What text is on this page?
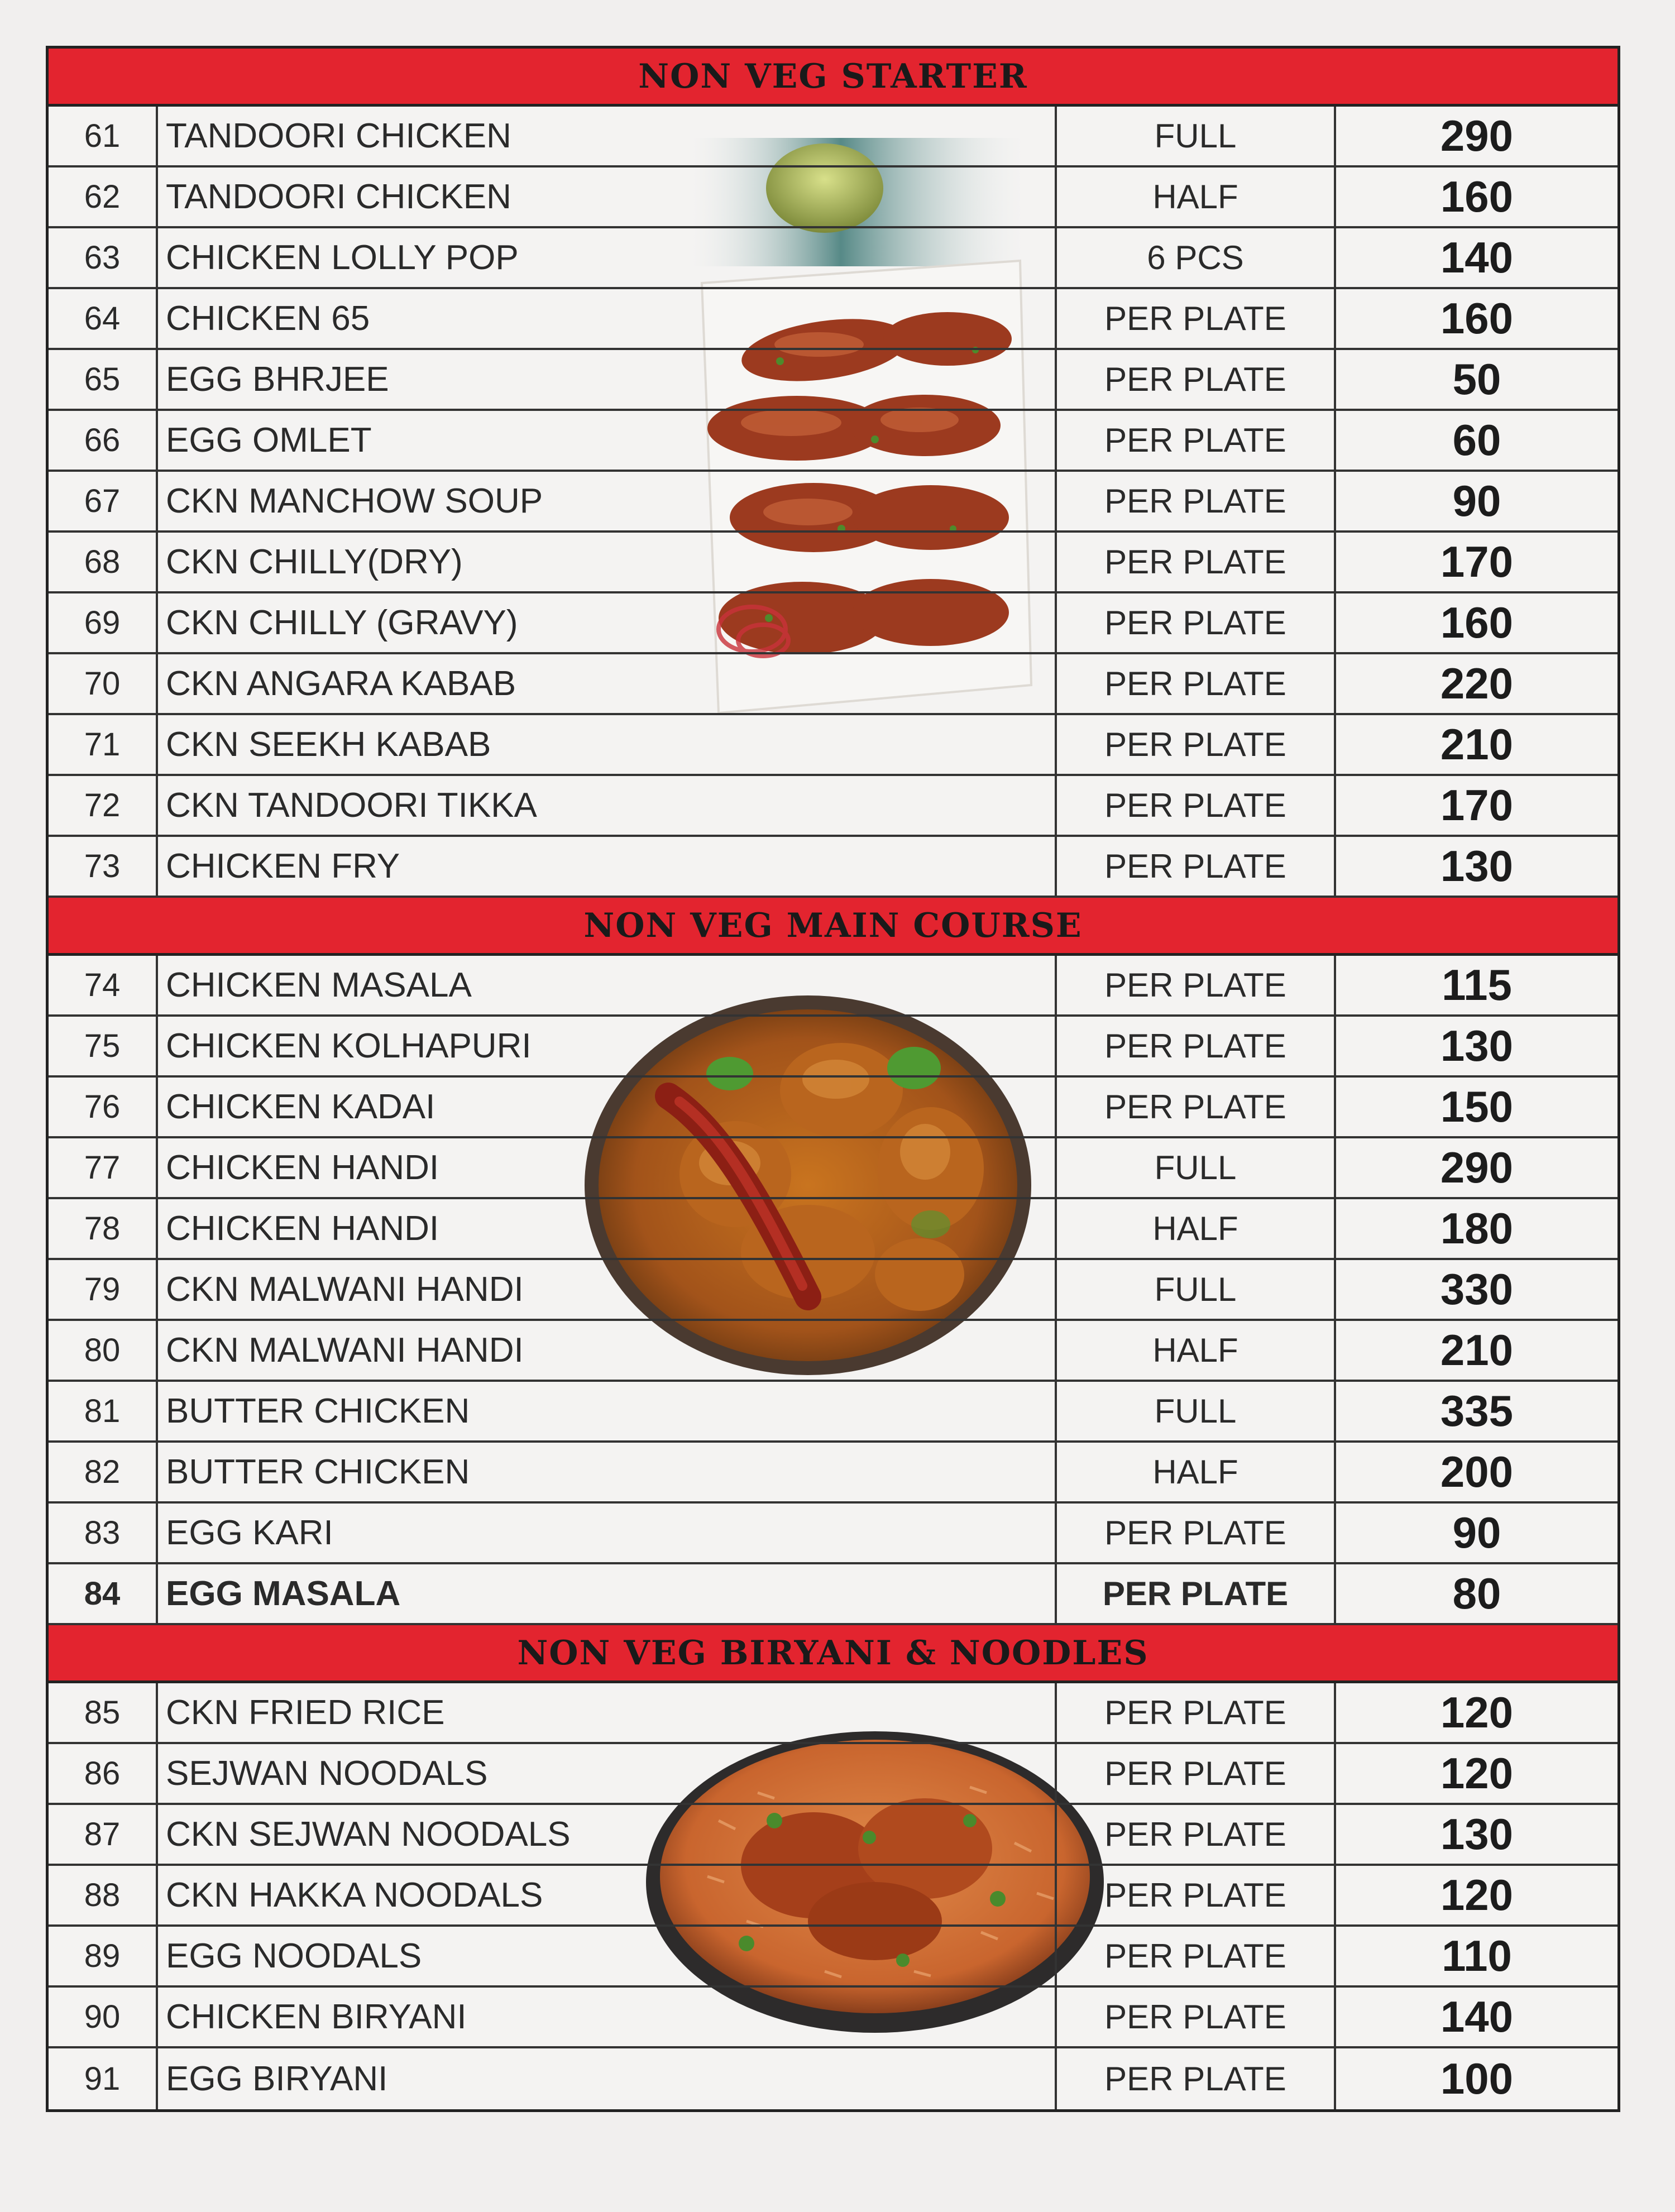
NON VEG STARTER
61	TANDOORI CHICKEN	FULL	290
62	TANDOORI CHICKEN	HALF	160
63	CHICKEN LOLLY POP	6 PCS	140
64	CHICKEN 65	PER PLATE	160
65	EGG BHRJEE	PER PLATE	50
66	EGG OMLET	PER PLATE	60
67	CKN MANCHOW SOUP	PER PLATE	90
68	CKN CHILLY(DRY)	PER PLATE	170
69	CKN CHILLY (GRAVY)	PER PLATE	160
70	CKN ANGARA KABAB	PER PLATE	220
71	CKN SEEKH KABAB	PER PLATE	210
72	CKN TANDOORI TIKKA	PER PLATE	170
73	CHICKEN FRY	PER PLATE	130
NON VEG MAIN COURSE
74	CHICKEN MASALA	PER PLATE	115
75	CHICKEN KOLHAPURI	PER PLATE	130
76	CHICKEN KADAI	PER PLATE	150
77	CHICKEN HANDI	FULL	290
78	CHICKEN HANDI	HALF	180
79	CKN MALWANI HANDI	FULL	330
80	CKN MALWANI HANDI	HALF	210
81	BUTTER CHICKEN	FULL	335
82	BUTTER CHICKEN	HALF	200
83	EGG KARI	PER PLATE	90
84	EGG MASALA	PER PLATE	80
NON VEG BIRYANI & NOODLES
85	CKN FRIED RICE	PER PLATE	120
86	SEJWAN NOODALS	PER PLATE	120
87	CKN SEJWAN NOODALS	PER PLATE	130
88	CKN HAKKA NOODALS	PER PLATE	120
89	EGG NOODALS	PER PLATE	110
90	CHICKEN BIRYANI	PER PLATE	140
91	EGG BIRYANI	PER PLATE	100
